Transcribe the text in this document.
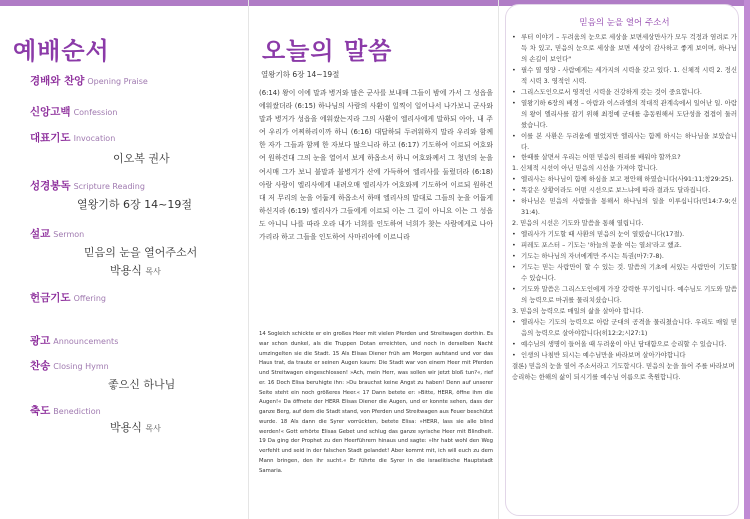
예배순서
경배와 찬양 Opening Praise
신앙고백 Confession
대표기도 Invocation
이오복 권사
성경봉독 Scripture Reading
열왕기하 6장 14~19절
설교 Sermon
믿음의 눈을 열어주소서
박용식 목사
헌금기도 Offering
광고 Announcements
찬송 Closing Hymn
좋으신 하나님
축도 Benediction
박용식 목사
오늘의 말씀
열왕기하 6장 14~19절
(6:14) 왕이 이에 말과 병거와 많은 군사를 보내매 그들이 밤에 가서 그 성읍을 에워쌌더라 (6:15) 하나님의 사람의 사환이 일찍이 일어나서 나가보니 군사와 말과 병거가 성읍을 에워쌌는지라 그의 사환이 엘리사에게 말하되 아아, 내 주여 우리가 어찌하리이까 하니 (6:16) 대답하되 두려워하지 말라 우리와 함께 한 자가 그들과 함께 한 자보다 많으니라 하고 (6:17) 기도하여 이르되 여호와여 원하건대 그의 눈을 열어서 보게 하옵소서 하니 여호와께서 그 청년의 눈을 여시매 그가 보니 불말과 불병거가 산에 가득하여 엘리사를 둘렀더라 (6:18) 아람 사람이 엘리사에게 내려오매 엘리사가 여호와께 기도하여 이르되 원하건대 저 무리의 눈을 어둡게 하옵소서 하매 엘리사의 말대로 그들의 눈을 어둡게 하신지라 (6:19) 엘리사가 그들에게 이르되 이는 그 길이 아니요 이는 그 성읍도 아니니 나를 따라 오라 내가 너희를 인도하여 너희가 찾는 사람에게로 나아가리라 하고 그들을 인도하여 사마리아에 이르니라
14 Sogleich schickte er ein großes Heer mit vielen Pferden und Streitwagen dorthin. Es war schon dunkel, als die Truppen Dotan erreichten, und noch in derselben Nacht umzingelten sie die Stadt. 15 Als Elisas Diener früh am Morgen aufstand und vor das Haus trat, da traute er seinen Augen kaum: Die Stadt war von einem Heer mit Pferden und Streitwagen eingeschlossen! »Ach, mein Herr, was sollen wir jetzt bloß tun?«, rief er. 16 Doch Elisa beruhigte ihn: »Du brauchst keine Angst zu haben! Denn auf unserer Seite steht ein noch größeres Heer.« 17 Dann betete er: »Bitte, HERR, öffne ihm die Augen!« Da öffnete der HERR Elisas Diener die Augen, und er konnte sehen, dass der ganze Berg, auf dem die Stadt stand, von Pferden und Streitwagen aus Feuer beschützt wurde. 18 Als dann die Syrer vorrückten, betete Elisa: »HERR, lass sie alle blind werden!« Gott erhörte Elisas Gebet und schlug das ganze syrische Heer mit Blindheit. 19 Da ging der Prophet zu den Heerführern hinaus und sagte: »Ihr habt wohl den Weg verfehlt und seid in der falschen Stadt gelandet! Aber kommt mit, ich will euch zu dem Mann bringen, den ihr sucht.« Er führte die Syrer in die israelitische Hauptstadt Samaria.
믿음의 눈을 열어 주소서
• 루터 이야기 – 두려움의 눈으로 세상을 보면세상만사가 모두 걱정과 염려로 가득 차 있고, 믿음의 눈으로 세상을 보면 세상이 감사하고 좋게 보이며, 하나님의 손길이 보인다"
• 필수 열 영양 - 사람에게는 세가지의 시력을 갖고 있다. 1. 신체적 시력 2. 정신적 시력 3. 영적인 시력.
• 그리스도인으로서 영적인 시력을 건강하게 갖는 것이 중요합니다.
• 열왕기하 6장의 배경 – 아람과 이스라엘의 적대적 관계속에서 일어난 일. 아람의 왕이 엘리사를 잡기 위해 최정예 군대를 총동원해서 도단성을 겹겹이 둘러쌌습니다.
• 이를 본 사환은 두려움에 떨었지만 엘리사는 함께 하시는 하나님을 보았습니다.
• 한때를 살면서 우리는 어떤 믿음의 원리를 배워야 할까요?
1. 신체적 시선이 아닌 믿음의 시선을 가져야 합니다.
• 엘리사는 하나님이 함께 하심을 보고 평안해 하였습니다(사91:11;창29:25).
• 똑같은 상황이라도 어떤 시선으로 보느냐에 따라 결과도 달라집니다.
• 하나님은 믿음의 사람들을 통해서 하나님의 일을 이루십니다(민14:7-9;신31:4).
2. 믿음의 시선은 기도와 말씀을 통해 열립니다.
• 엘리사가 기도할 때 사환의 믿음의 눈이 열렸습니다(17절).
• 피레도 포스터 – 기도는 '하늘의 문을 여는 열쇠'라고 했죠.
• 기도는 하나님의 자녀에게만 주시는 특권(마7:7-8).
• 기도는 믿는 사람만이 할 수 있는 것. 말씀의 기초에 서있는 사람만이 기도할 수 있습니다.
• 기도와 말씀은 그리스도인에게 가장 강력한 무기입니다. 예수님도 기도와 말씀의 능력으로 마귀를 물리치셨습니다.
3. 믿음의 능력으로 매일의 삶을 살아야 합니다.
• 엘리사는 기도의 능력으로 아람 군대의 공격을 물리쳤습니다. 우리도 매일 믿음의 능력으로 살아야합니다(히12:2;시27:1)
• 예수님의 생명이 들어올 때 두려움이 아닌 담대함으로 승리할 수 있습니다.
• 인생의 나침반 되시는 예수님만을 바라보며 살아가야합니다
결론) 믿음의 눈을 열어 주소서라고 기도합시다. 믿음의 눈을 들어 주를 바라보며 승리하는 한해의 삶이 되시기를 예수님 이름으로 축원합니다.
